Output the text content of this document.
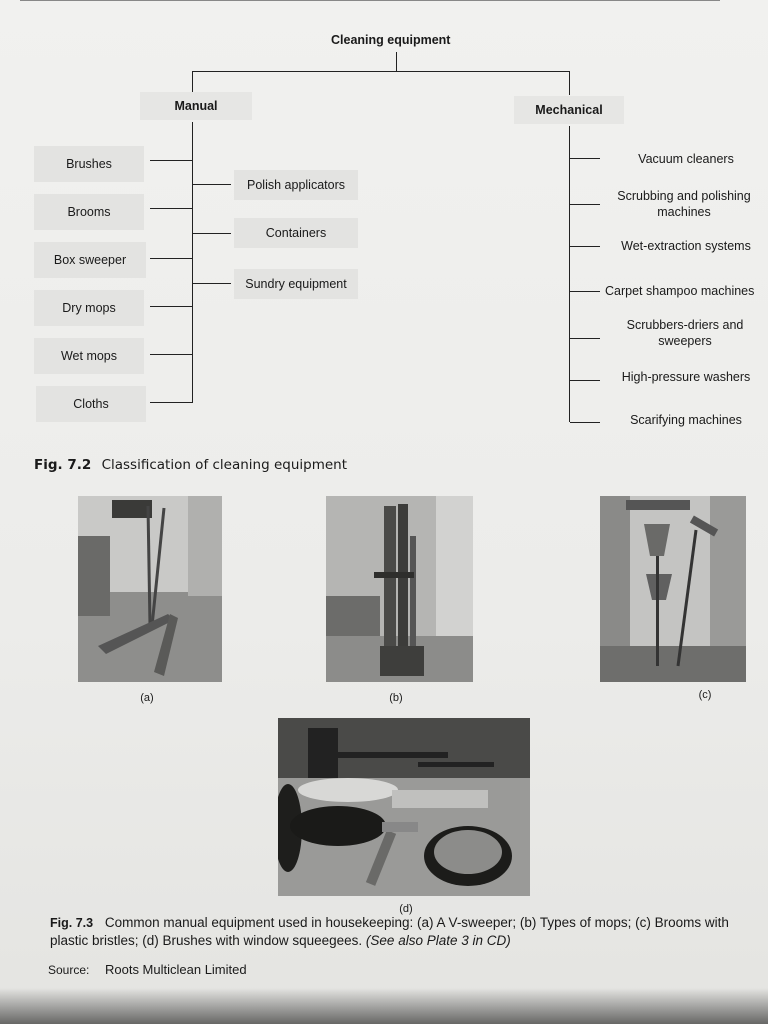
Cleaning equipment
Manual
Brushes
Brooms
Box sweeper
Dry mops
Wet mops
Cloths
Polish applicators
Containers
Sundry equipment
Mechanical
Vacuum cleaners
Scrubbing and polishing machines
Wet-extraction systems
Carpet shampoo machines
Scrubbers-driers and sweepers
High-pressure washers
Scarifying machines
Fig. 7.2 Classification of cleaning equipment
(a)	(b)	(c)
(d)
Fig. 7.3 Common manual equipment used in housekeeping: (a) A V-sweeper; (b) Types of mops; (c) Brooms with plastic bristles; (d) Brushes with window squeegees. (See also Plate 3 in CD)
Source: Roots Multiclean Limited
